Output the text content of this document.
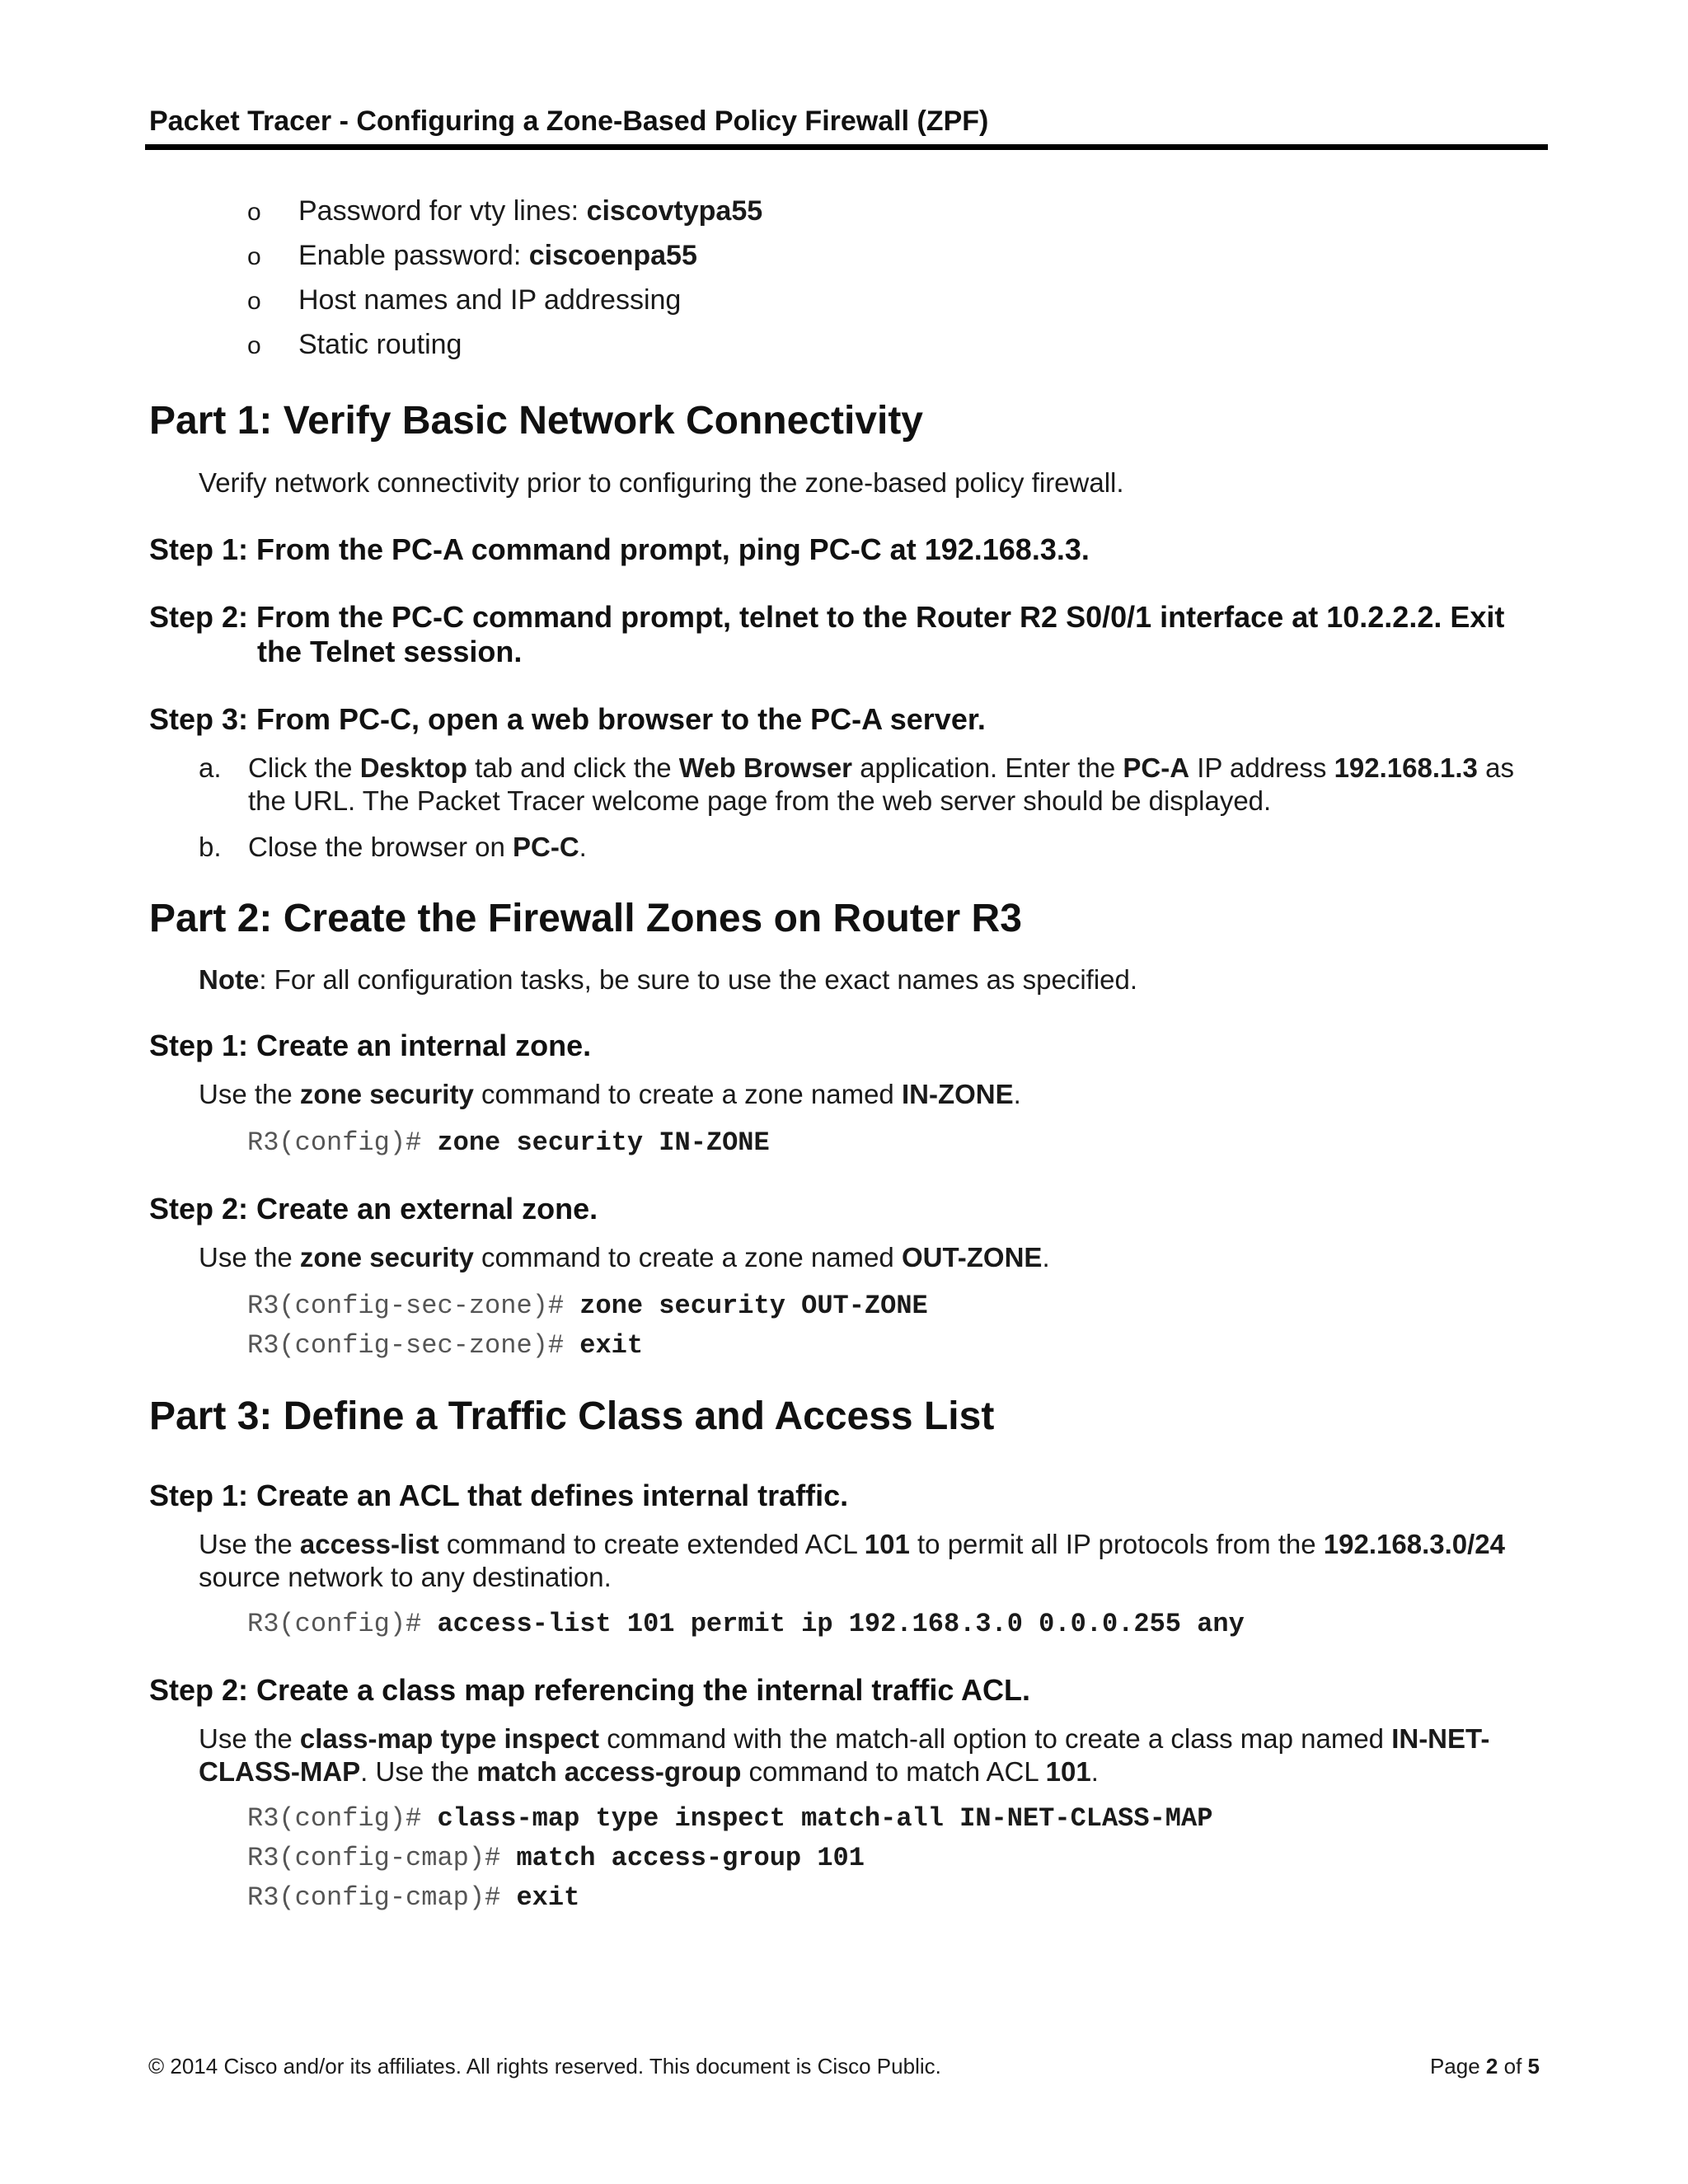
Packet Tracer - Configuring a Zone-Based Policy Firewall (ZPF)
o	Password for vty lines: ciscovtypa55
o	Enable password: ciscoenpa55
o	Host names and IP addressing
o	Static routing
Part 1: Verify Basic Network Connectivity
Verify network connectivity prior to configuring the zone-based policy firewall.
Step 1: From the PC-A command prompt, ping PC-C at 192.168.3.3.
Step 2: From the PC-C command prompt, telnet to the Router R2 S0/0/1 interface at 10.2.2.2. Exit
the Telnet session.
Step 3: From PC-C, open a web browser to the PC-A server.
a. Click the Desktop tab and click the Web Browser application. Enter the PC-A IP address 192.168.1.3 as
the URL. The Packet Tracer welcome page from the web server should be displayed.
b. Close the browser on PC-C.
Part 2: Create the Firewall Zones on Router R3
Note: For all configuration tasks, be sure to use the exact names as specified.
Step 1: Create an internal zone.
Use the zone security command to create a zone named IN-ZONE.
R3(config)# zone security IN-ZONE
Step 2: Create an external zone.
Use the zone security command to create a zone named OUT-ZONE.
R3(config-sec-zone)# zone security OUT-ZONE
R3(config-sec-zone)# exit
Part 3: Define a Traffic Class and Access List
Step 1: Create an ACL that defines internal traffic.
Use the access-list command to create extended ACL 101 to permit all IP protocols from the 192.168.3.0/24
source network to any destination.
R3(config)# access-list 101 permit ip 192.168.3.0 0.0.0.255 any
Step 2: Create a class map referencing the internal traffic ACL.
Use the class-map type inspect command with the match-all option to create a class map named IN-NET-
CLASS-MAP. Use the match access-group command to match ACL 101.
R3(config)# class-map type inspect match-all IN-NET-CLASS-MAP
R3(config-cmap)# match access-group 101
R3(config-cmap)# exit
© 2014 Cisco and/or its affiliates. All rights reserved. This document is Cisco Public.	Page 2 of 5
